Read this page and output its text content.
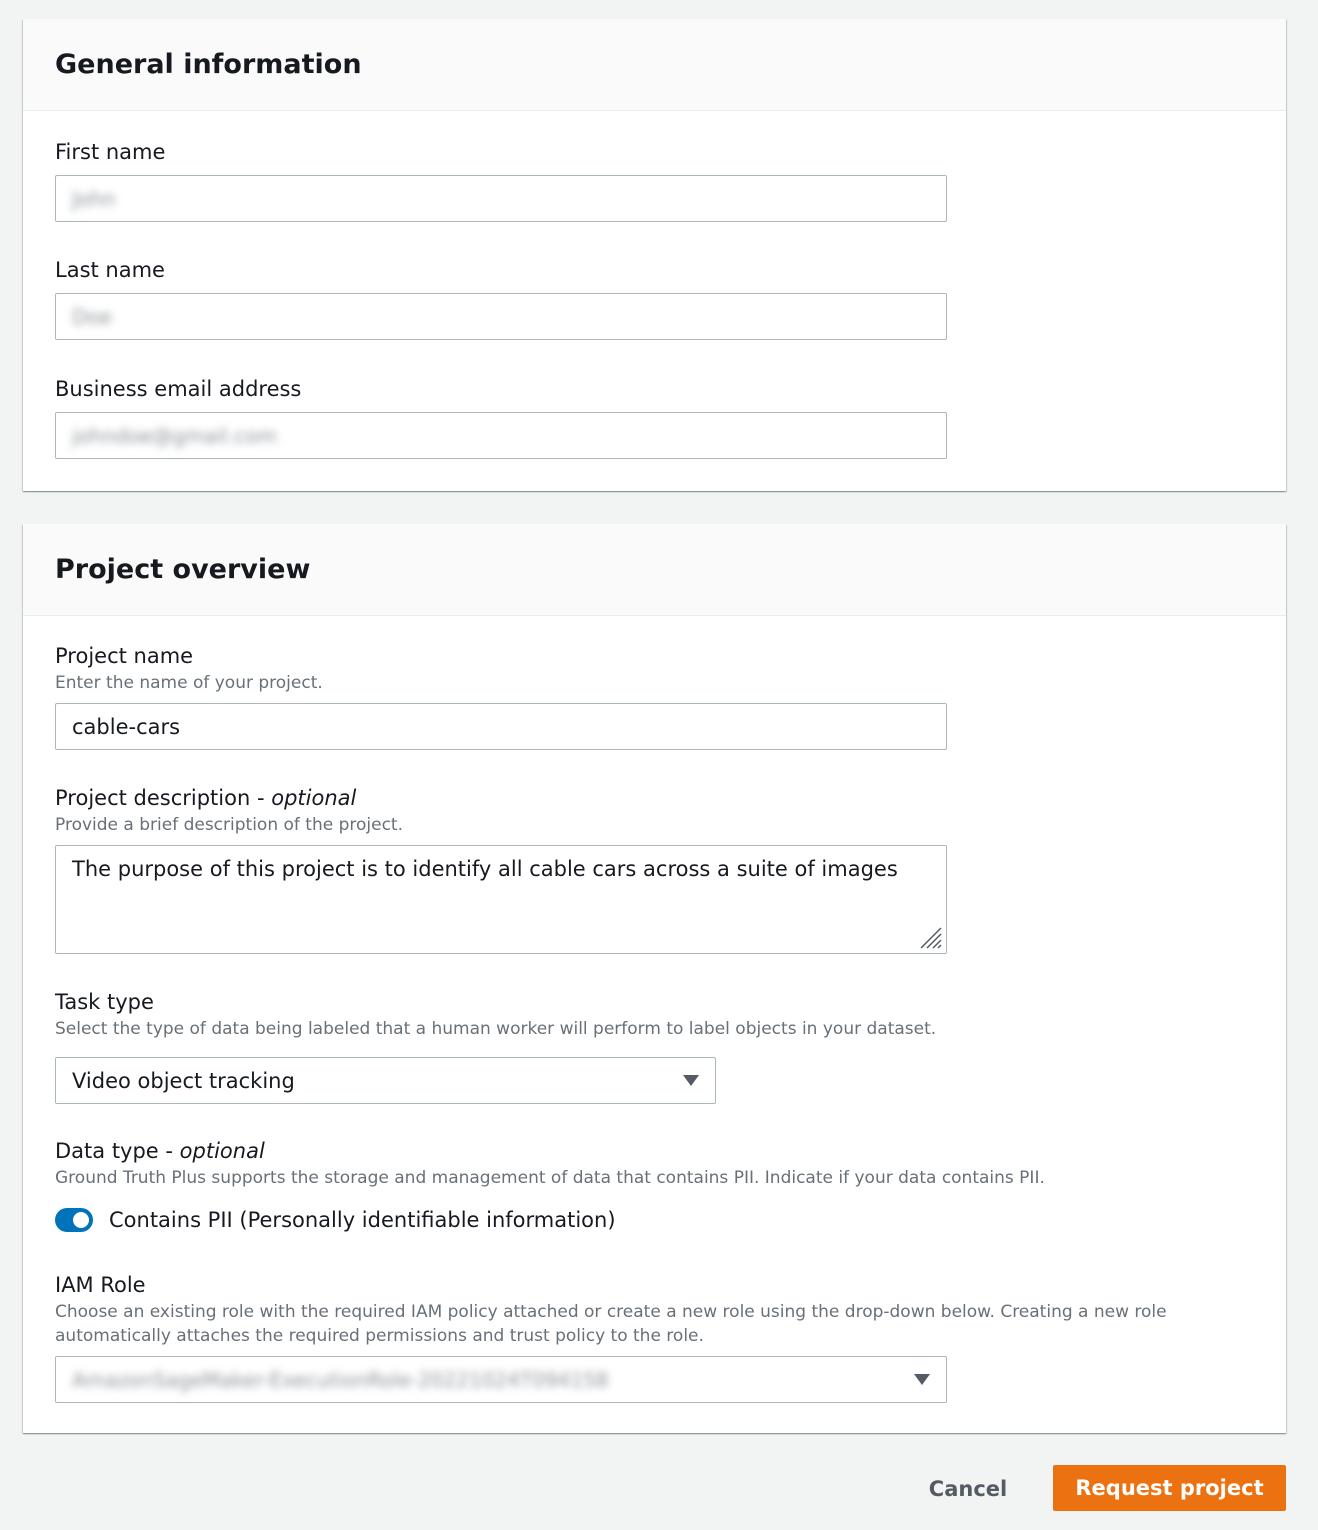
General information
First name
John
Last name
Doe
Business email address
johndoe@gmail.com
Project overview
Project name
Enter the name of your project.
cable-cars
Project description - optional
Provide a brief description of the project.
The purpose of this project is to identify all cable cars across a suite of images
Task type
Select the type of data being labeled that a human worker will perform to label objects in your dataset.
Video object tracking
Data type - optional
Ground Truth Plus supports the storage and management of data that contains PII. Indicate if your data contains PII.
Contains PII (Personally identifiable information)
IAM Role
Choose an existing role with the required IAM policy attached or create a new role using the drop-down below. Creating a new role
automatically attaches the required permissions and trust policy to the role.
AmazonSageMaker-ExecutionRole-20221024T094158
Cancel	Request project
